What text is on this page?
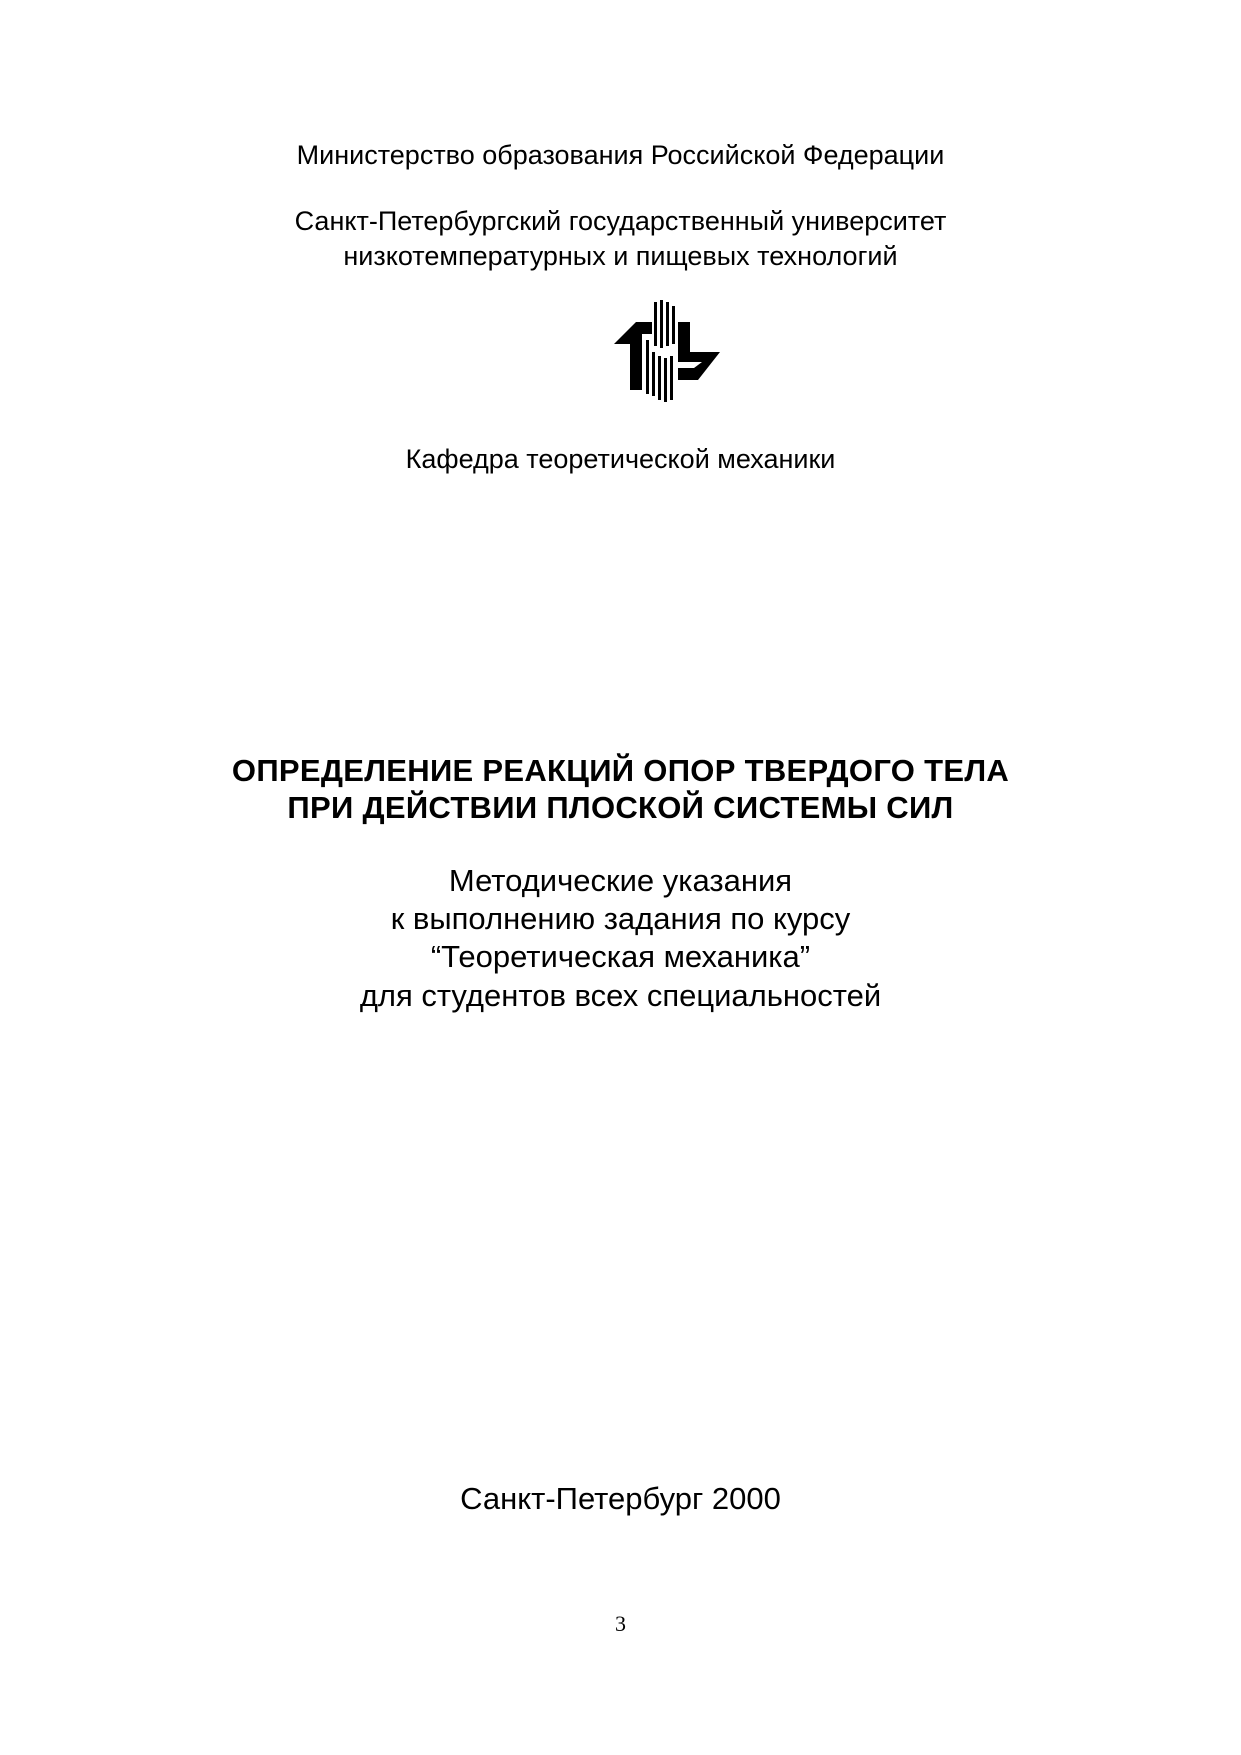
Министерство образования Российской Федерации
Санкт-Петербургский государственный университет
низкотемпературных и пищевых технологий
Кафедра теоретической механики
ОПРЕДЕЛЕНИЕ РЕАКЦИЙ ОПОР ТВЕРДОГО ТЕЛА
ПРИ ДЕЙСТВИИ ПЛОСКОЙ СИСТЕМЫ СИЛ
Методические указания
к выполнению задания по курсу
“Теоретическая механика”
для студентов всех специальностей
Санкт-Петербург 2000
3
